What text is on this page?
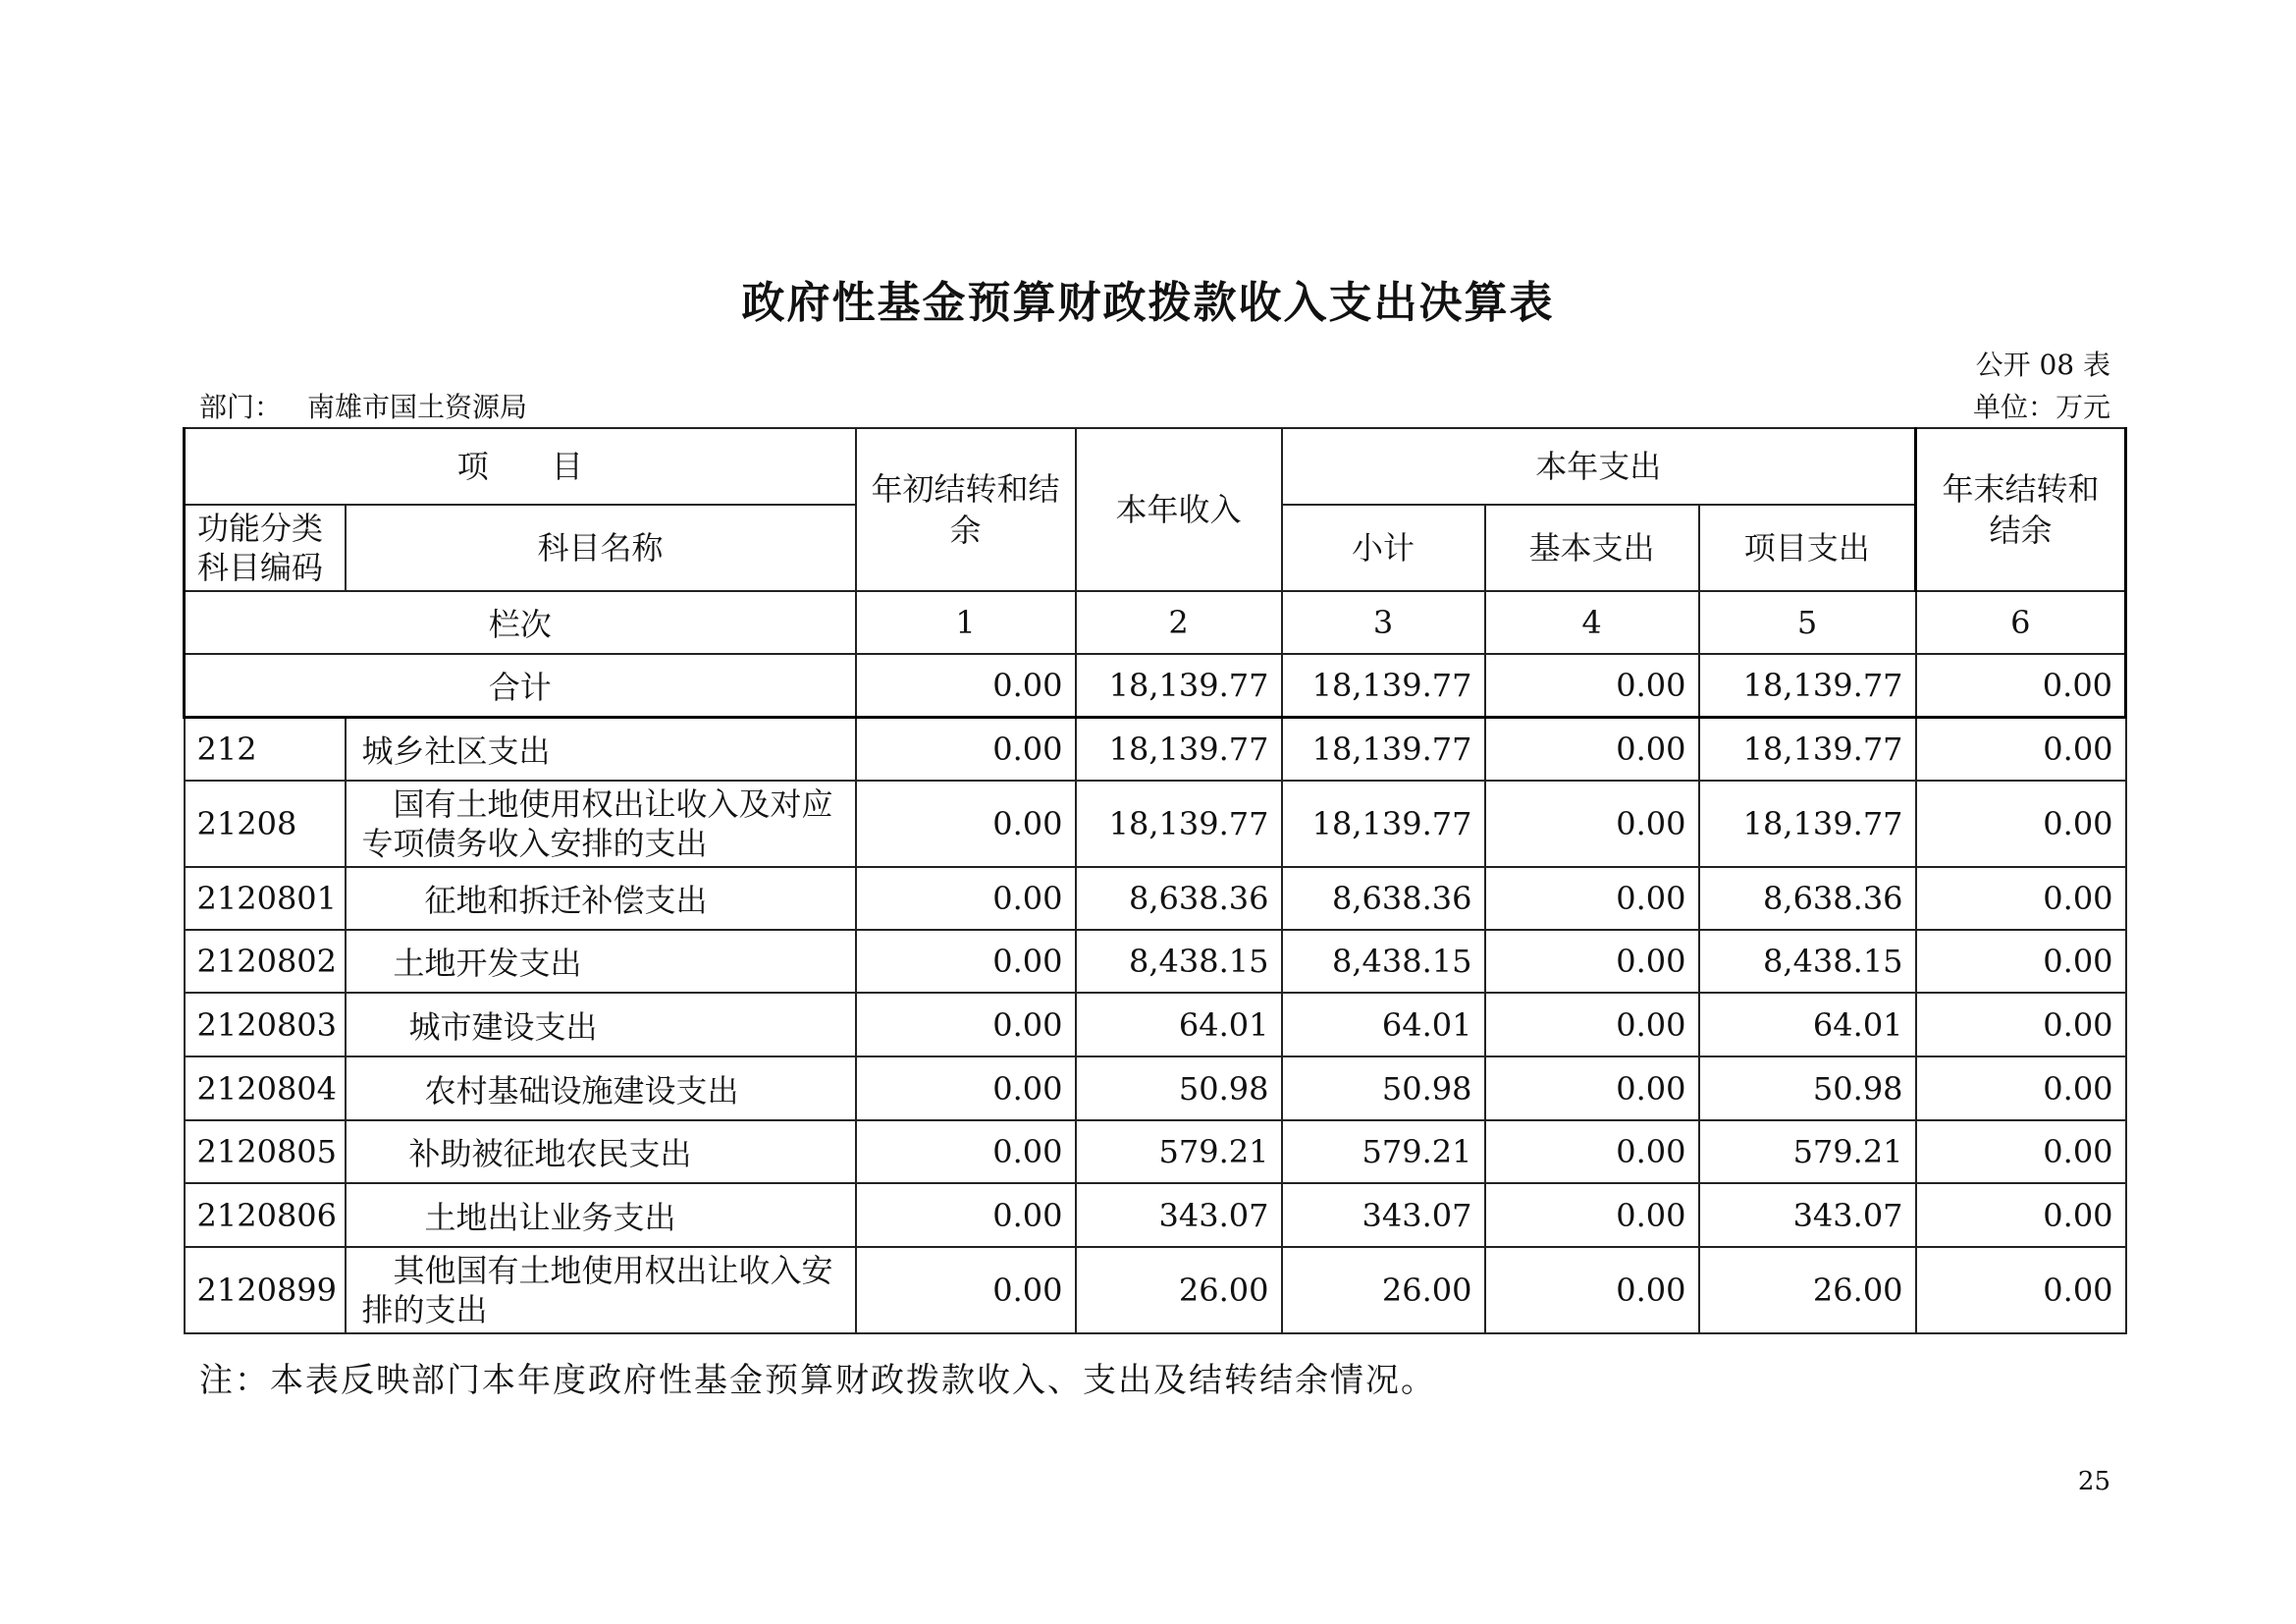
政府性基金预算财政拨款收入支出决算表
公开 08 表
部门： 南雄市国土资源局	单位：万元
项　　目		年初结转和结余	本年收入	本年支出			年末结转和结余
功能分类科目编码	科目名称			小计	基本支出	项目支出	
栏次		1	2	3	4	5	6
合计		0.00	18,139.77	18,139.77	0.00	18,139.77	0.00
212	城乡社区支出	0.00	18,139.77	18,139.77	0.00	18,139.77	0.00
21208	国有土地使用权出让收入及对应专项债务收入安排的支出	0.00	18,139.77	18,139.77	0.00	18,139.77	0.00
2120801	征地和拆迁补偿支出	0.00	8,638.36	8,638.36	0.00	8,638.36	0.00
2120802	土地开发支出	0.00	8,438.15	8,438.15	0.00	8,438.15	0.00
2120803	城市建设支出	0.00	64.01	64.01	0.00	64.01	0.00
2120804	农村基础设施建设支出	0.00	50.98	50.98	0.00	50.98	0.00
2120805	补助被征地农民支出	0.00	579.21	579.21	0.00	579.21	0.00
2120806	土地出让业务支出	0.00	343.07	343.07	0.00	343.07	0.00
2120899	其他国有土地使用权出让收入安排的支出	0.00	26.00	26.00	0.00	26.00	0.00
注：本表反映部门本年度政府性基金预算财政拨款收入、支出及结转结余情况。
25
